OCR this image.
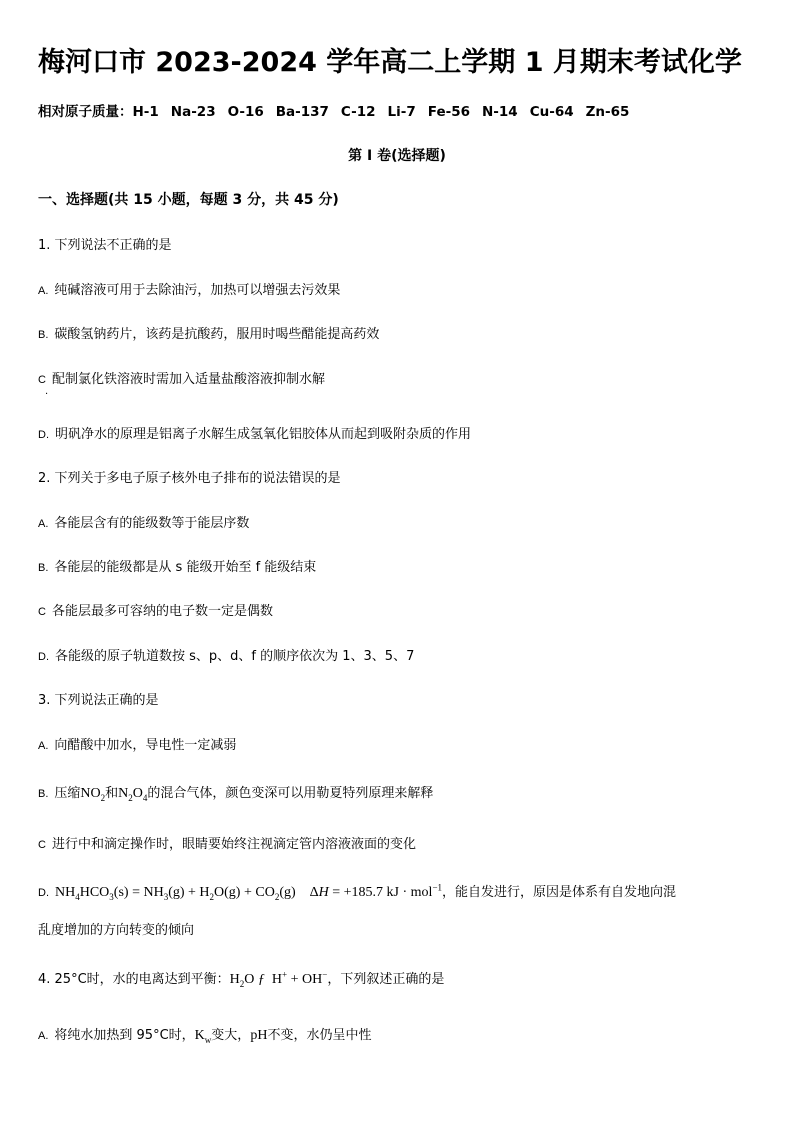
梅河口市 2023-2024 学年高二上学期 1 月期末考试化学
相对原子质量：H-1 Na-23 O-16 Ba-137 C-12 Li-7 Fe-56 N-14 Cu-64 Zn-65
第 I 卷(选择题)
一、选择题(共 15 小题，每题 3 分，共 45 分)
1. 下列说法不正确的是
A. 纯碱溶液可用于去除油污，加热可以增强去污效果
B. 碳酸氢钠药片，该药是抗酸药，服用时喝些醋能提高药效
C 配制氯化铁溶液时需加入适量盐酸溶液抑制水解
·
D. 明矾净水的原理是铝离子水解生成氢氧化铝胶体从而起到吸附杂质的作用
2. 下列关于多电子原子核外电子排布的说法错误的是
A. 各能层含有的能级数等于能层序数
B. 各能层的能级都是从 s 能级开始至 f 能级结束
C 各能层最多可容纳的电子数一定是偶数
D. 各能级的原子轨道数按 s、p、d、f 的顺序依次为 1、3、5、7
3. 下列说法正确的是
A. 向醋酸中加水，导电性一定减弱
B. 压缩$NO_2$和$N_2O_4$的混合气体，颜色变深可以用勒夏特列原理来解释
C 进行中和滴定操作时，眼睛要始终注视滴定管内溶液液面的变化
D. $NH_4HCO_3(s) = NH_3(g) + H_2O(g) + CO_2(g)$    ΔH = +185.7 kJ · mol$^{-1}$，能自发进行，原因是体系有自发地向混
乱度增加的方向转变的倾向
4. 25°C时，水的电离达到平衡：$H_2O$ ƒ  H+ + OH−，下列叙述正确的是
A. 将纯水加热到 95°C时，$K_w$变大，pH不变，水仍呈中性
